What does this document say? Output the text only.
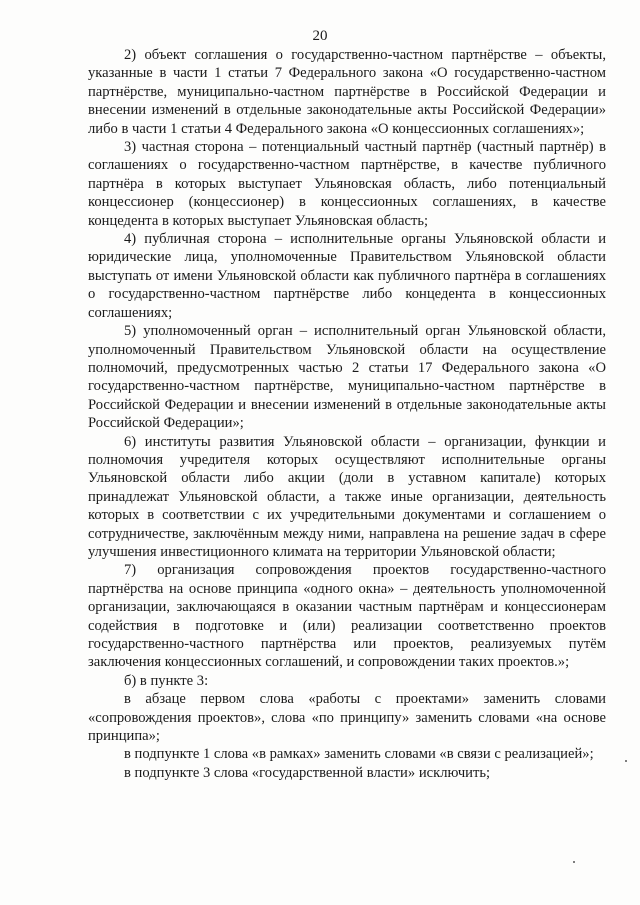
20

2) объект соглашения о государственно-частном партнёрстве – объекты, указанные в части 1 статьи 7 Федерального закона «О государственно-частном партнёрстве, муниципально-частном партнёрстве в Российской Федерации и внесении изменений в отдельные законодательные акты Российской Федерации» либо в части 1 статьи 4 Федерального закона «О концессионных соглашениях»;

3) частная сторона – потенциальный частный партнёр (частный партнёр) в соглашениях о государственно-частном партнёрстве, в качестве публичного партнёра в которых выступает Ульяновская область, либо потенциальный концессионер (концессионер) в концессионных соглашениях, в качестве концедента в которых выступает Ульяновская область;

4) публичная сторона – исполнительные органы Ульяновской области и юридические лица, уполномоченные Правительством Ульяновской области выступать от имени Ульяновской области как публичного партнёра в соглашениях о государственно-частном партнёрстве либо концедента в концессионных соглашениях;

5) уполномоченный орган – исполнительный орган Ульяновской области, уполномоченный Правительством Ульяновской области на осуществление полномочий, предусмотренных частью 2 статьи 17 Федерального закона «О государственно-частном партнёрстве, муниципально-частном партнёрстве в Российской Федерации и внесении изменений в отдельные законодательные акты Российской Федерации»;

6) институты развития Ульяновской области – организации, функции и полномочия учредителя которых осуществляют исполнительные органы Ульяновской области либо акции (доли в уставном капитале) которых принадлежат Ульяновской области, а также иные организации, деятельность которых в соответствии с их учредительными документами и соглашением о сотрудничестве, заключённым между ними, направлена на решение задач в сфере улучшения инвестиционного климата на территории Ульяновской области;

7) организация сопровождения проектов государственно-частного партнёрства на основе принципа «одного окна» – деятельность уполномоченной организации, заключающаяся в оказании частным партнёрам и концессионерам содействия в подготовке и (или) реализации соответственно проектов государственно-частного партнёрства или проектов, реализуемых путём заключения концессионных соглашений, и сопровождении таких проектов.»;

б) в пункте 3:

в абзаце первом слова «работы с проектами» заменить словами «сопровождения проектов», слова «по принципу» заменить словами «на основе принципа»;

в подпункте 1 слова «в рамках» заменить словами «в связи с реализацией»;

в подпункте 3 слова «государственной власти» исключить;
